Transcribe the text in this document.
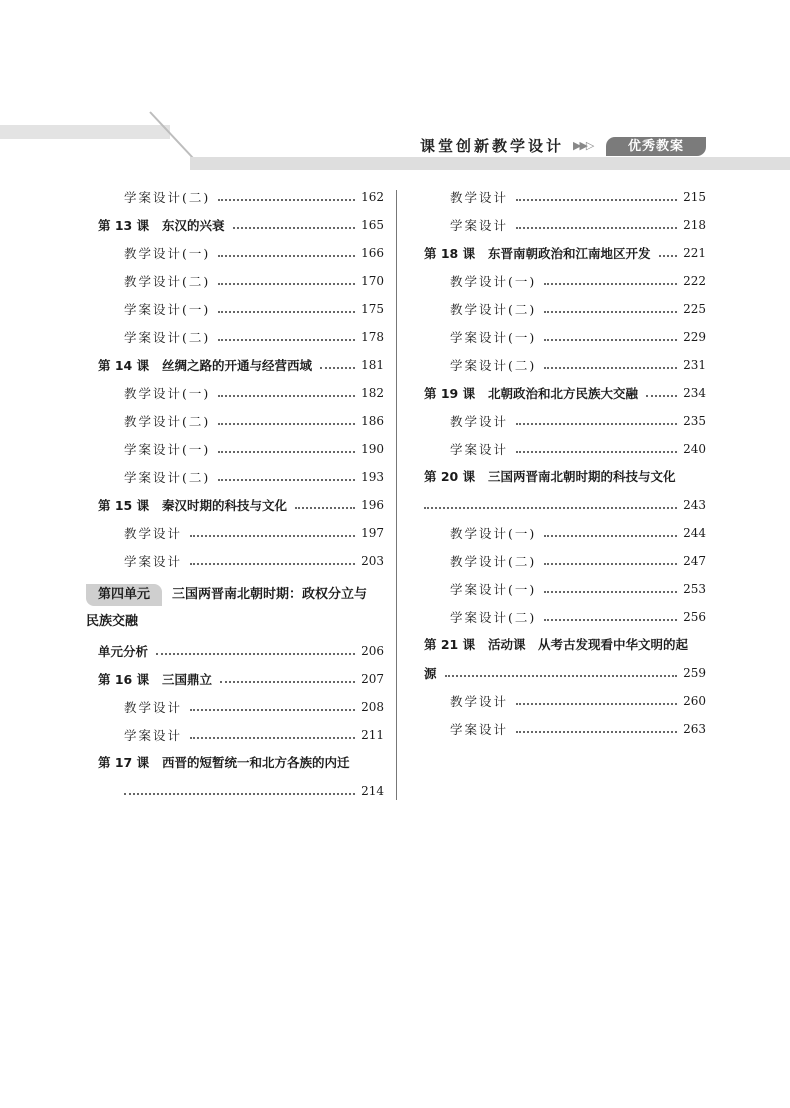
课堂创新教学设计 ▶▶▷	优秀教案
学案设计(二)	162
第 13 课 东汉的兴衰	165
教学设计(一)	166
教学设计(二)	170
学案设计(一)	175
学案设计(二)	178
第 14 课 丝绸之路的开通与经营西域	181
教学设计(一)	182
教学设计(二)	186
学案设计(一)	190
学案设计(二)	193
第 15 课 秦汉时期的科技与文化	196
教学设计	197
学案设计	203
第四单元	三国两晋南北朝时期：政权分立与
民族交融
单元分析	206
第 16 课 三国鼎立	207
教学设计	208
学案设计	211
第 17 课 西晋的短暂统一和北方各族的内迁
214
教学设计	215
学案设计	218
第 18 课 东晋南朝政治和江南地区开发	221
教学设计(一)	222
教学设计(二)	225
学案设计(一)	229
学案设计(二)	231
第 19 课 北朝政治和北方民族大交融	234
教学设计	235
学案设计	240
第 20 课 三国两晋南北朝时期的科技与文化
243
教学设计(一)	244
教学设计(二)	247
学案设计(一)	253
学案设计(二)	256
第 21 课 活动课　从考古发现看中华文明的起
源	259
教学设计	260
学案设计	263
